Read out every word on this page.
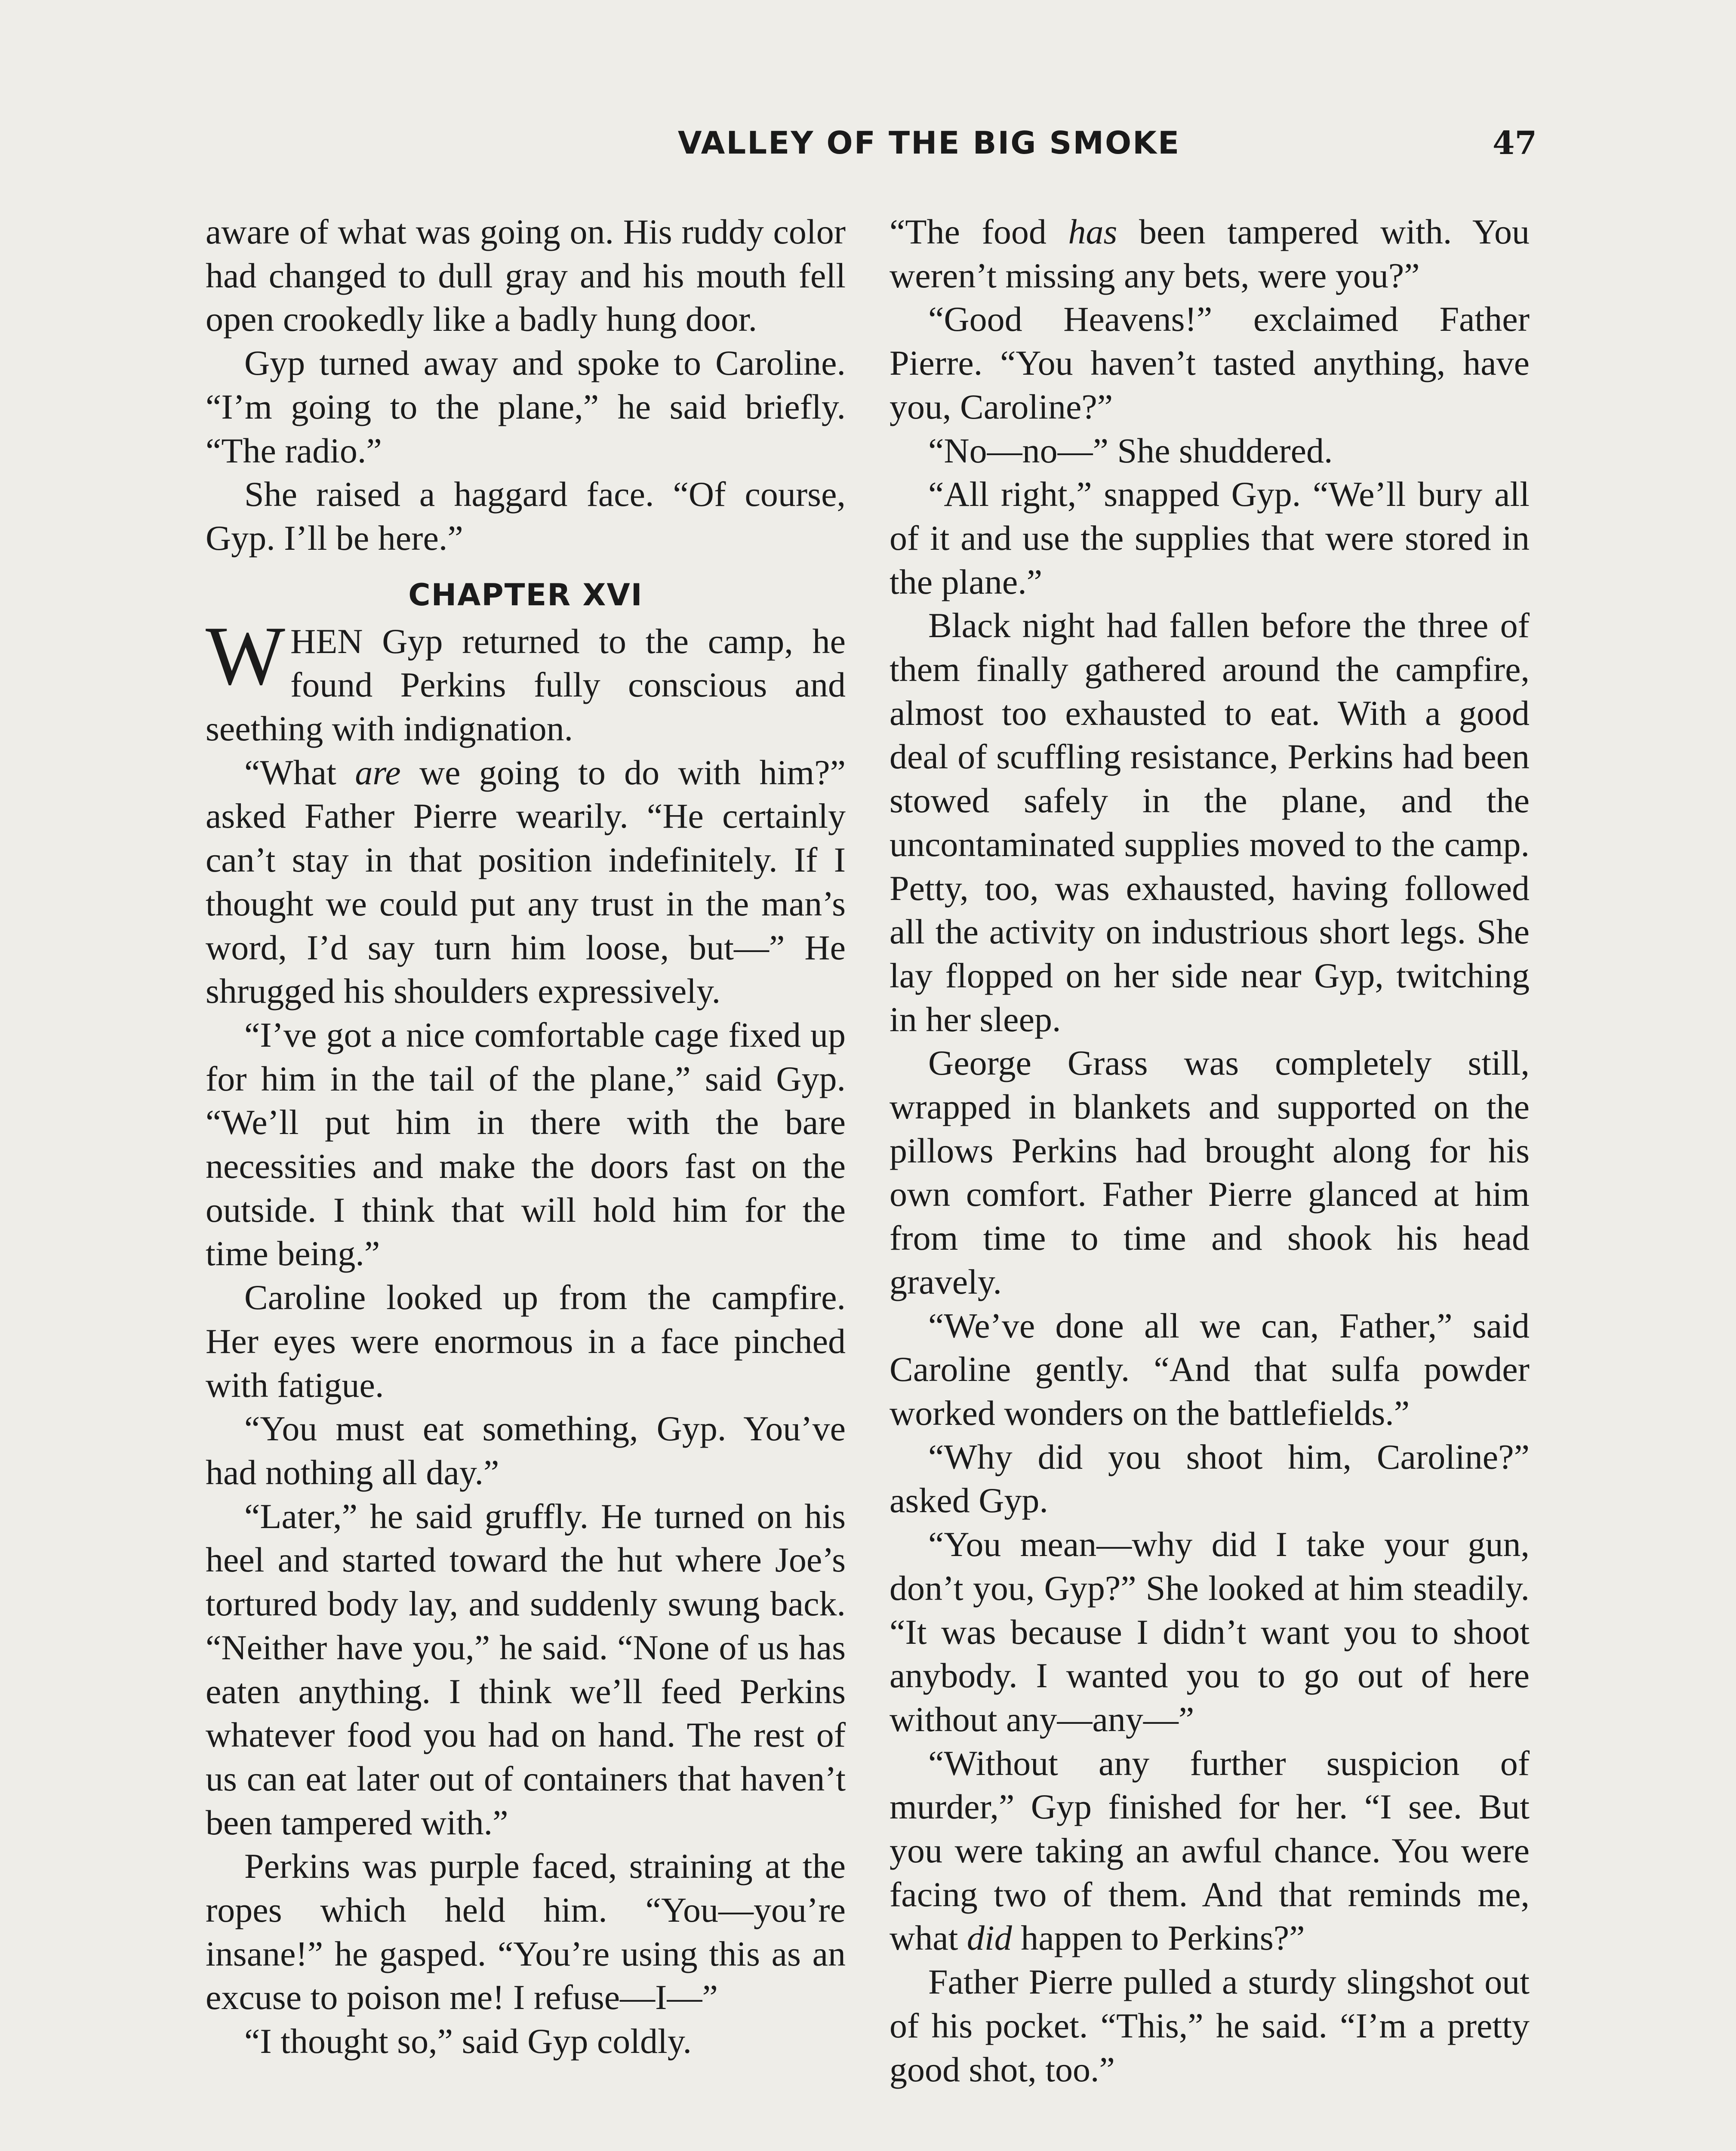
VALLEY OF THE BIG SMOKE	47

aware of what was going on. His ruddy color had changed to dull gray and his mouth fell open crookedly like a badly hung door.

Gyp turned away and spoke to Caroline. “I’m going to the plane,” he said briefly. “The radio.”

She raised a haggard face. “Of course, Gyp. I’ll be here.”

CHAPTER XVI

WHEN Gyp returned to the camp, he found Perkins fully conscious and seething with indignation.

“What are we going to do with him?” asked Father Pierre wearily. “He certainly can’t stay in that position indefinitely. If I thought we could put any trust in the man’s word, I’d say turn him loose, but—” He shrugged his shoulders expressively.

“I’ve got a nice comfortable cage fixed up for him in the tail of the plane,” said Gyp. “We’ll put him in there with the bare necessities and make the doors fast on the outside. I think that will hold him for the time being.”

Caroline looked up from the campfire. Her eyes were enormous in a face pinched with fatigue.

“You must eat something, Gyp. You’ve had nothing all day.”

“Later,” he said gruffly. He turned on his heel and started toward the hut where Joe’s tortured body lay, and suddenly swung back. “Neither have you,” he said. “None of us has eaten anything. I think we’ll feed Perkins whatever food you had on hand. The rest of us can eat later out of containers that haven’t been tampered with.”

Perkins was purple faced, straining at the ropes which held him. “You—you’re insane!” he gasped. “You’re using this as an excuse to poison me! I refuse—I—”

“I thought so,” said Gyp coldly.

“The food has been tampered with. You weren’t missing any bets, were you?”

“Good Heavens!” exclaimed Father Pierre. “You haven’t tasted anything, have you, Caroline?”

“No—no—” She shuddered.

“All right,” snapped Gyp. “We’ll bury all of it and use the supplies that were stored in the plane.”

Black night had fallen before the three of them finally gathered around the campfire, almost too exhausted to eat. With a good deal of scuffling resistance, Perkins had been stowed safely in the plane, and the uncontaminated supplies moved to the camp. Petty, too, was exhausted, having followed all the activity on industrious short legs. She lay flopped on her side near Gyp, twitching in her sleep.

George Grass was completely still, wrapped in blankets and supported on the pillows Perkins had brought along for his own comfort. Father Pierre glanced at him from time to time and shook his head gravely.

“We’ve done all we can, Father,” said Caroline gently. “And that sulfa powder worked wonders on the battlefields.”

“Why did you shoot him, Caroline?” asked Gyp.

“You mean—why did I take your gun, don’t you, Gyp?” She looked at him steadily. “It was because I didn’t want you to shoot anybody. I wanted you to go out of here without any—any—”

“Without any further suspicion of murder,” Gyp finished for her. “I see. But you were taking an awful chance. You were facing two of them. And that reminds me, what did happen to Perkins?”

Father Pierre pulled a sturdy slingshot out of his pocket. “This,” he said. “I’m a pretty good shot, too.”
